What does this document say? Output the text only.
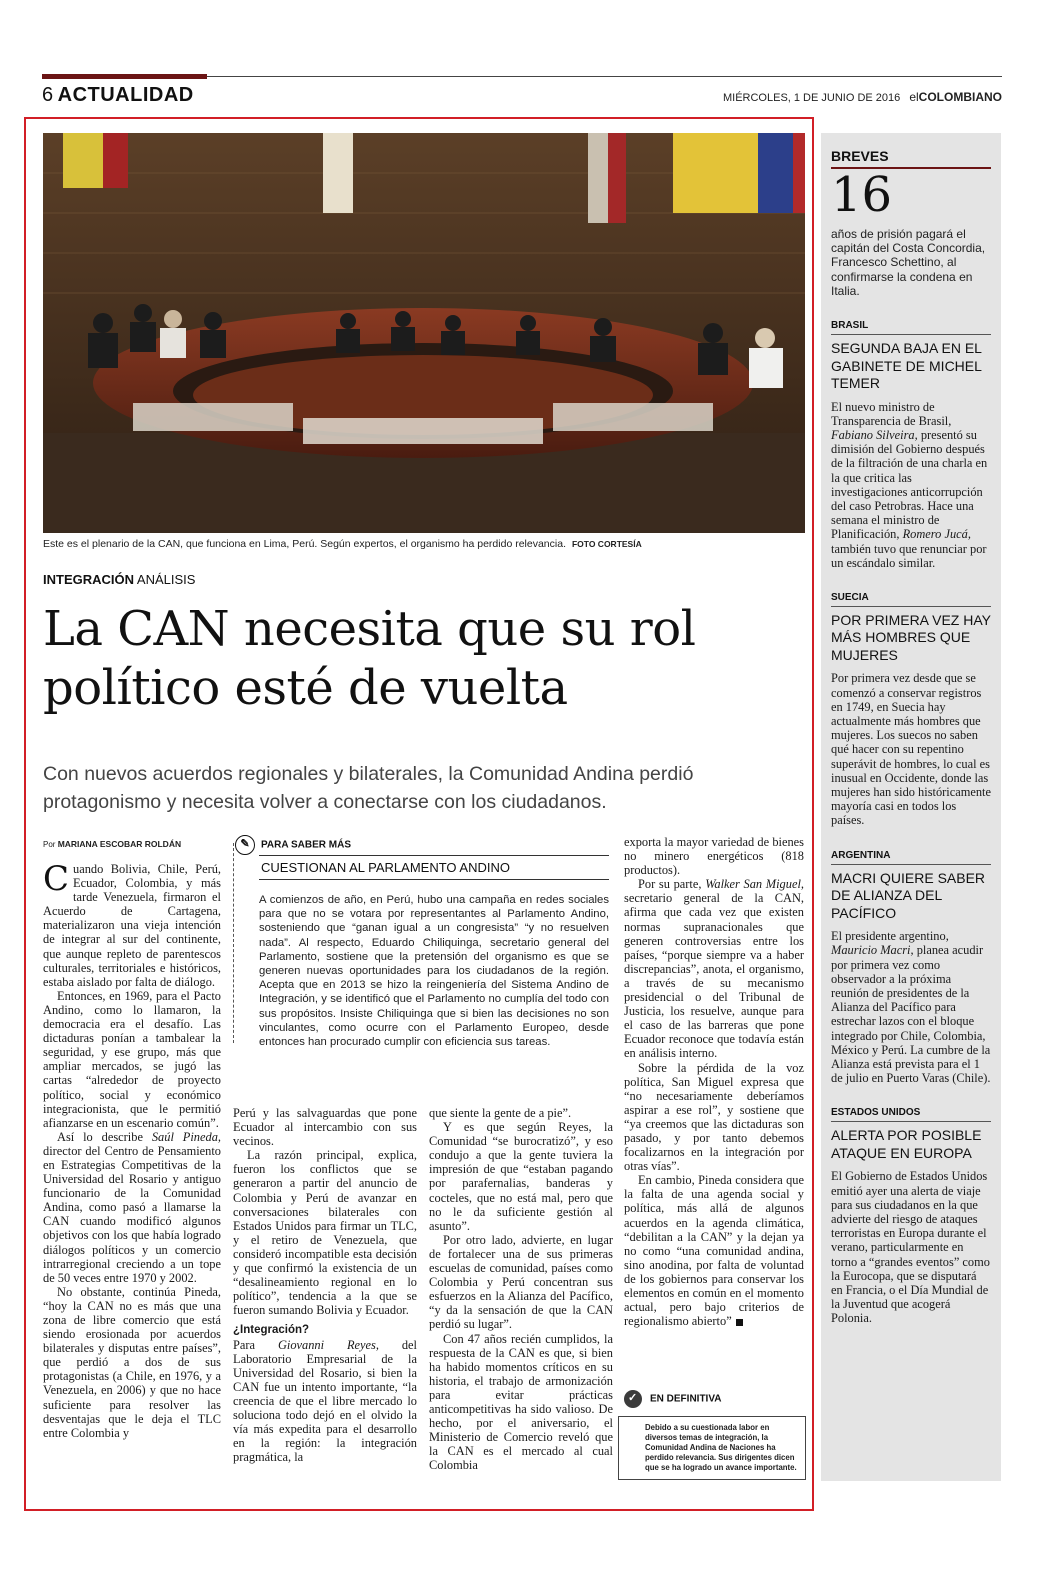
6 ACTUALIDAD	MIÉRCOLES, 1 DE JUNIO DE 2016 elCOLOMBIANO
Este es el plenario de la CAN, que funciona en Lima, Perú. Según expertos, el organismo ha perdido relevancia. FOTO CORTESÍA
INTEGRACIÓN ANÁLISIS
La CAN necesita que su rol político esté de vuelta
Con nuevos acuerdos regionales y bilaterales, la Comunidad Andina perdió protagonismo y necesita volver a conectarse con los ciudadanos.
Por MARIANA ESCOBAR ROLDÁN

Cuando Bolivia, Chile, Perú, Ecuador, Colombia, y más tarde Venezuela, firmaron el Acuerdo de Cartagena, materializaron una vieja intención de integrar al sur del continente, que aunque repleto de parentescos culturales, territoriales e históricos, estaba aislado por falta de diálogo.

Entonces, en 1969, para el Pacto Andino, como lo llamaron, la democracia era el desafío. Las dictaduras ponían a tambalear la seguridad, y ese grupo, más que ampliar mercados, se jugó las cartas “alrededor de proyecto político, social y económico integracionista, que le permitió afianzarse en un escenario común”.

Así lo describe Saúl Pineda, director del Centro de Pensamiento en Estrategias Competitivas de la Universidad del Rosario y antiguo funcionario de la Comunidad Andina, como pasó a llamarse la CAN cuando modificó algunos objetivos con los que había logrado diálogos políticos y un comercio intrarregional creciendo a un tope de 50 veces entre 1970 y 2002.

No obstante, continúa Pineda, “hoy la CAN no es más que una zona de libre comercio que está siendo erosionada por acuerdos bilaterales y disputas entre países”, que perdió a dos de sus protagonistas (a Chile, en 1976, y a Venezuela, en 2006) y que no hace suficiente para resolver las desventajas que le deja el TLC entre Colombia y

✎ PARA SABER MÁS
CUESTIONAN AL PARLAMENTO ANDINO
A comienzos de año, en Perú, hubo una campaña en redes sociales para que no se votara por representantes al Parlamento Andino, sosteniendo que “ganan igual a un congresista” “y no resuelven nada”. Al respecto, Eduardo Chiliquinga, secretario general del Parlamento, sostiene que la pretensión del organismo es que se generen nuevas oportunidades para los ciudadanos de la región. Acepta que en 2013 se hizo la reingeniería del Sistema Andino de Integración, y se identificó que el Parlamento no cumplía del todo con sus propósitos. Insiste Chiliquinga que si bien las decisiones no son vinculantes, como ocurre con el Parlamento Europeo, desde entonces han procurado cumplir con eficiencia sus tareas.

Perú y las salvaguardas que pone Ecuador al intercambio con sus vecinos.

La razón principal, explica, fueron los conflictos que se generaron a partir del anuncio de Colombia y Perú de avanzar en conversaciones bilaterales con Estados Unidos para firmar un TLC, y el retiro de Venezuela, que consideró incompatible esta decisión y que confirmó la existencia de un “desalineamiento regional en lo político”, tendencia a la que se fueron sumando Bolivia y Ecuador.

¿Integración?

Para Giovanni Reyes, del Laboratorio Empresarial de la Universidad del Rosario, si bien la CAN fue un intento importante, “la creencia de que el libre mercado lo soluciona todo dejó en el olvido la vía más expedita para el desarrollo en la región: la integración pragmática, la

que siente la gente de a pie”.

Y es que según Reyes, la Comunidad “se burocratizó”, y eso condujo a que la gente tuviera la impresión de que “estaban pagando por parafernalias, banderas y cocteles, que no está mal, pero que no le da suficiente gestión al asunto”.

Por otro lado, advierte, en lugar de fortalecer una de sus primeras escuelas de comunidad, países como Colombia y Perú concentran sus esfuerzos en la Alianza del Pacífico, “y da la sensación de que la CAN perdió su lugar”.

Con 47 años recién cumplidos, la respuesta de la CAN es que, si bien ha habido momentos críticos en su historia, el trabajo de armonización para evitar prácticas anticompetitivas ha sido valioso. De hecho, por el aniversario, el Ministerio de Comercio reveló que la CAN es el mercado al cual Colombia

exporta la mayor variedad de bienes no minero energéticos (818 productos).

Por su parte, Walker San Miguel, secretario general de la CAN, afirma que cada vez que existen normas supranacionales que generen controversias entre los países, “porque siempre va a haber discrepancias”, anota, el organismo, a través de su mecanismo presidencial o del Tribunal de Justicia, los resuelve, aunque para el caso de las barreras que pone Ecuador reconoce que todavía están en análisis interno.

Sobre la pérdida de la voz política, San Miguel expresa que “no necesariamente deberíamos aspirar a ese rol”, y sostiene que “ya creemos que las dictaduras son pasado, y por tanto debemos focalizarnos en la integración por otras vías”.

En cambio, Pineda considera que la falta de una agenda social y política, más allá de algunos acuerdos en la agenda climática, “debilitan a la CAN” y la dejan ya no como “una comunidad andina, sino anodina, por falta de voluntad de los gobiernos para conservar los elementos en común en el momento actual, pero bajo criterios de regionalismo abierto”

✓EN DEFINITIVA
Debido a su cuestionada labor en diversos temas de integración, la Comunidad Andina de Naciones ha perdido relevancia. Sus dirigentes dicen que se ha logrado un avance importante.
BREVES
16
años de prisión pagará el capitán del Costa Concordia, Francesco Schettino, al confirmarse la condena en Italia.
BRASIL
SEGUNDA BAJA EN EL GABINETE DE MICHEL TEMER
El nuevo ministro de Transparencia de Brasil, Fabiano Silveira, presentó su dimisión del Gobierno después de la filtración de una charla en la que critica las investigaciones anticorrupción del caso Petrobras. Hace una semana el ministro de Planificación, Romero Jucá, también tuvo que renunciar por un escándalo similar.
SUECIA
POR PRIMERA VEZ HAY MÁS HOMBRES QUE MUJERES
Por primera vez desde que se comenzó a conservar registros en 1749, en Suecia hay actualmente más hombres que mujeres. Los suecos no saben qué hacer con su repentino superávit de hombres, lo cual es inusual en Occidente, donde las mujeres han sido históricamente mayoría casi en todos los países.
ARGENTINA
MACRI QUIERE SABER DE ALIANZA DEL PACÍFICO
El presidente argentino, Mauricio Macri, planea acudir por primera vez como observador a la próxima reunión de presidentes de la Alianza del Pacífico para estrechar lazos con el bloque integrado por Chile, Colombia, México y Perú. La cumbre de la Alianza está prevista para el 1 de julio en Puerto Varas (Chile).
ESTADOS UNIDOS
ALERTA POR POSIBLE ATAQUE EN EUROPA
El Gobierno de Estados Unidos emitió ayer una alerta de viaje para sus ciudadanos en la que advierte del riesgo de ataques terroristas en Europa durante el verano, particularmente en torno a “grandes eventos” como la Eurocopa, que se disputará en Francia, o el Día Mundial de la Juventud que acogerá Polonia.
